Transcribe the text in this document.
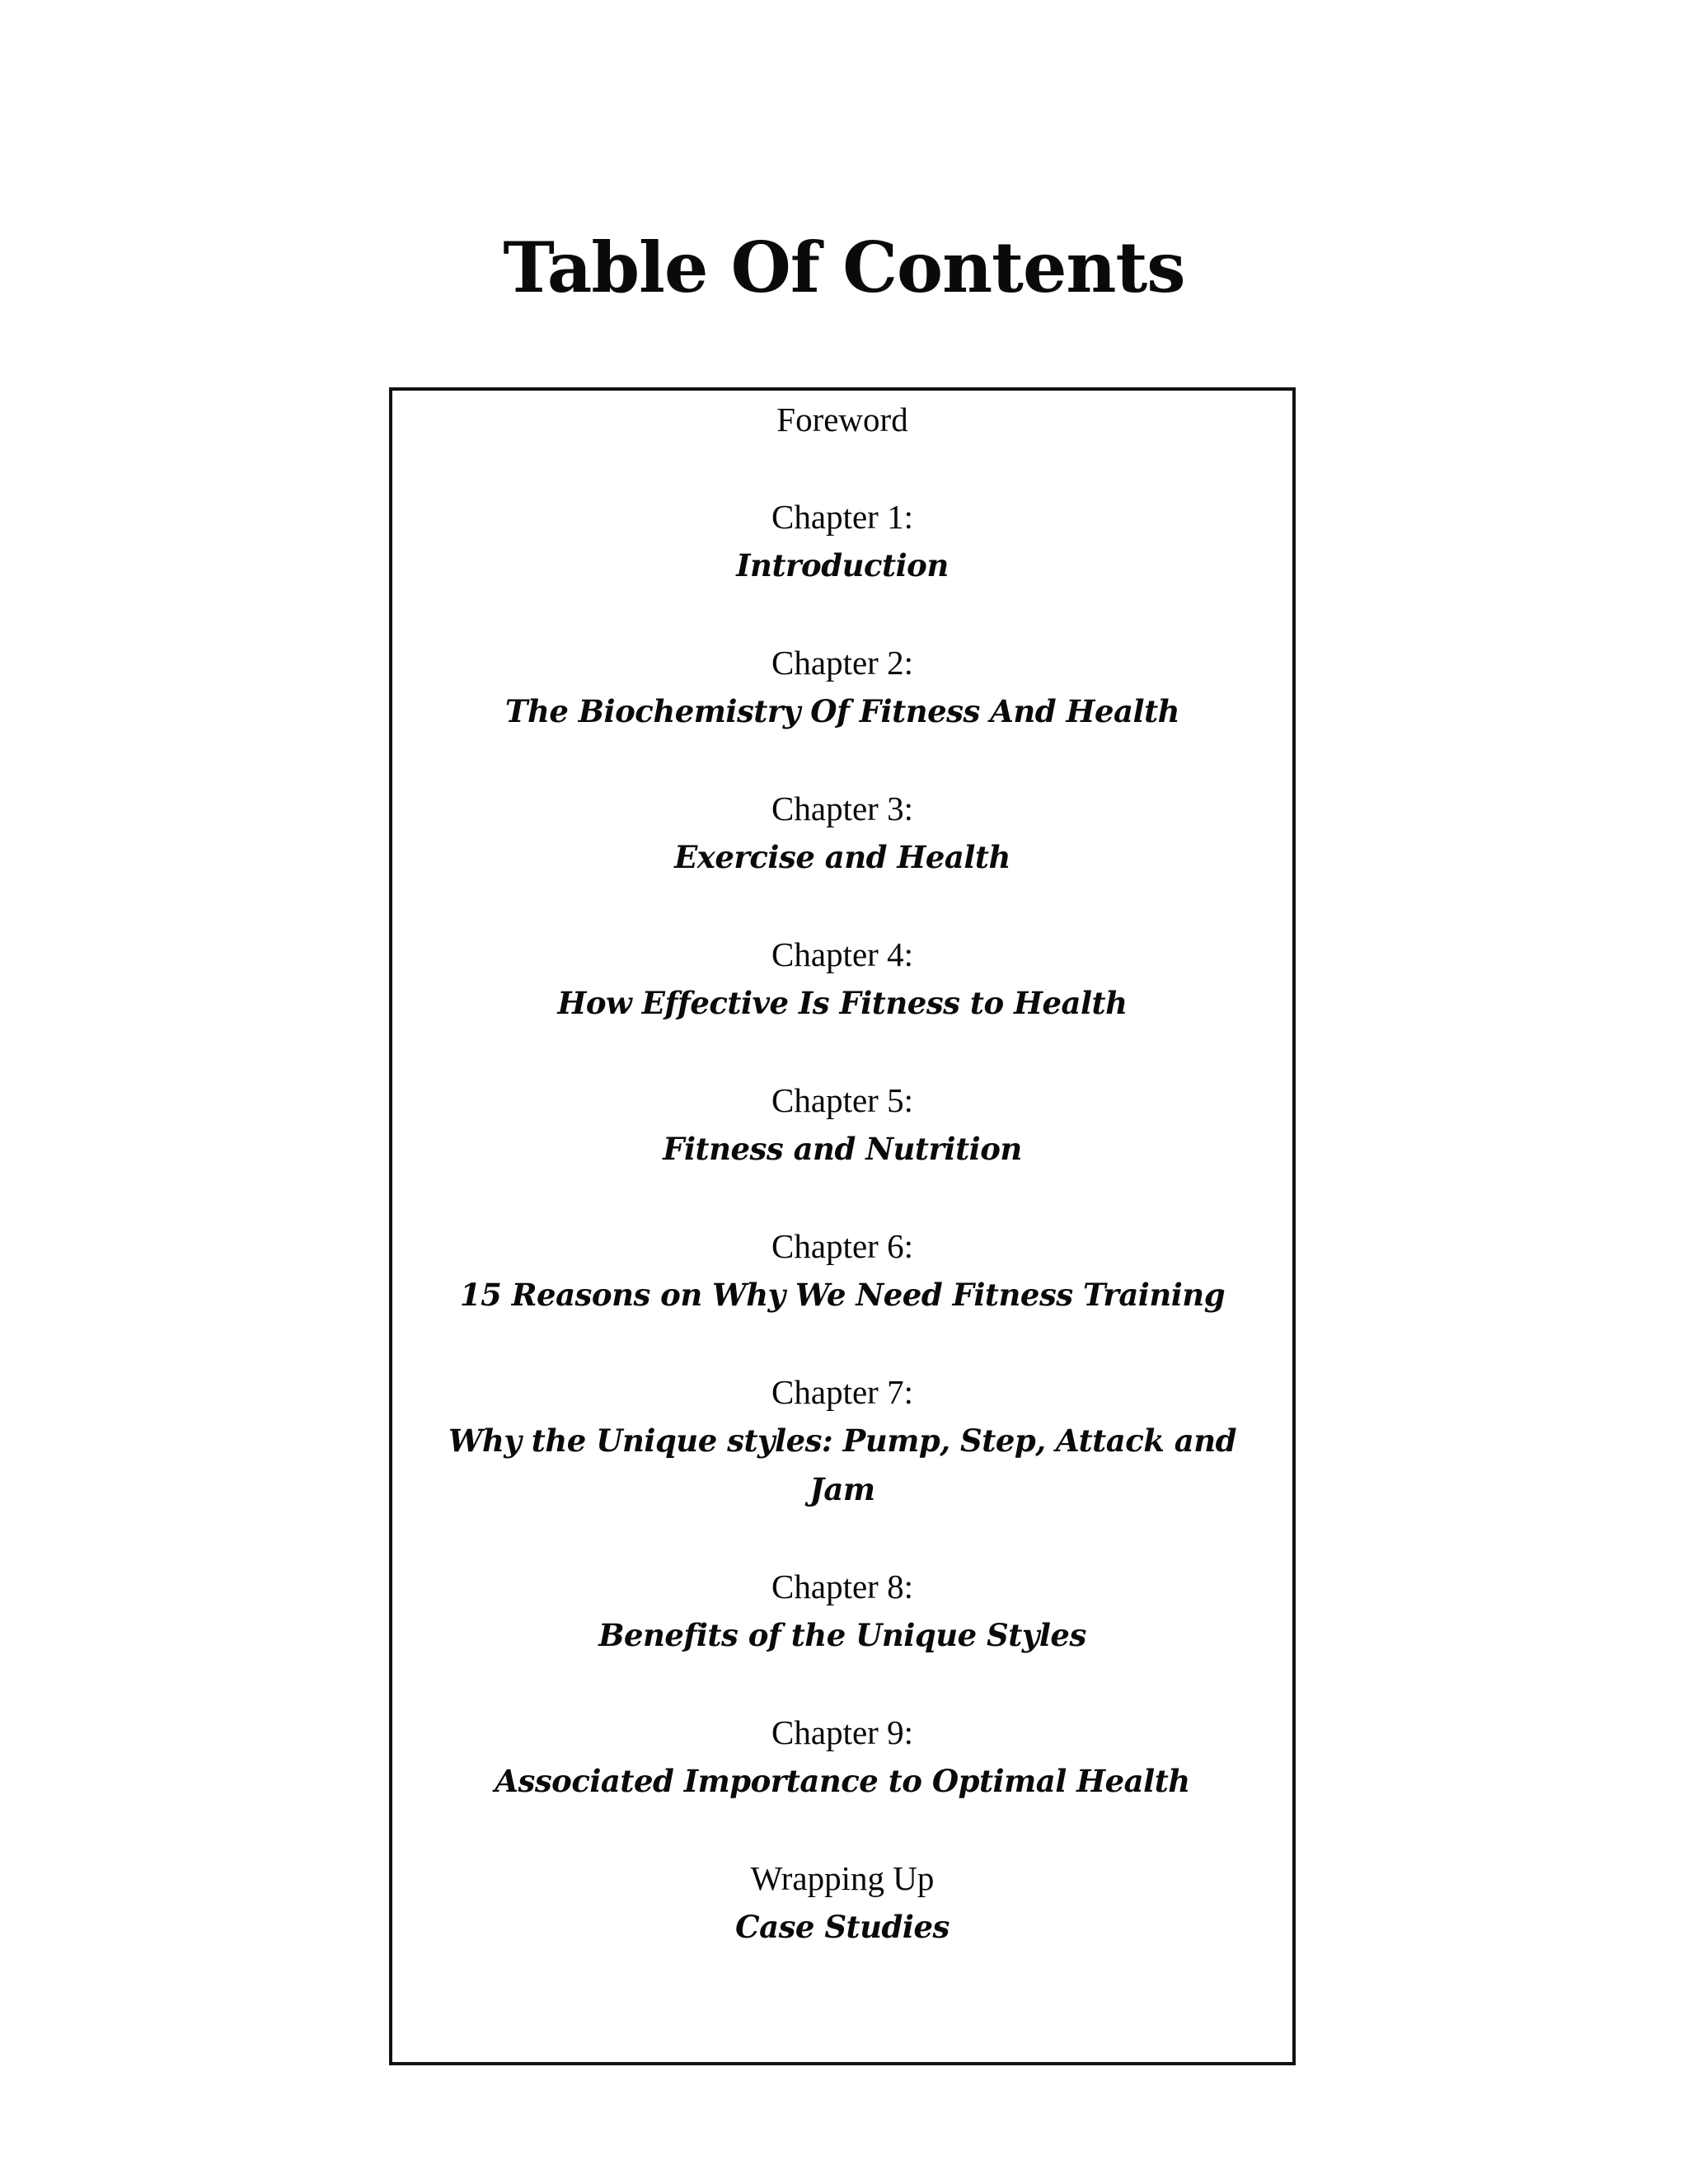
Table Of Contents
Foreword
Chapter 1:
Introduction
Chapter 2:
The Biochemistry Of Fitness And Health
Chapter 3:
Exercise and Health
Chapter 4:
How Effective Is Fitness to Health
Chapter 5:
Fitness and Nutrition
Chapter 6:
15 Reasons on Why We Need Fitness Training
Chapter 7:
Why the Unique styles: Pump, Step, Attack and Jam
Chapter 8:
Benefits of the Unique Styles
Chapter 9:
Associated Importance to Optimal Health
Wrapping Up
Case Studies
